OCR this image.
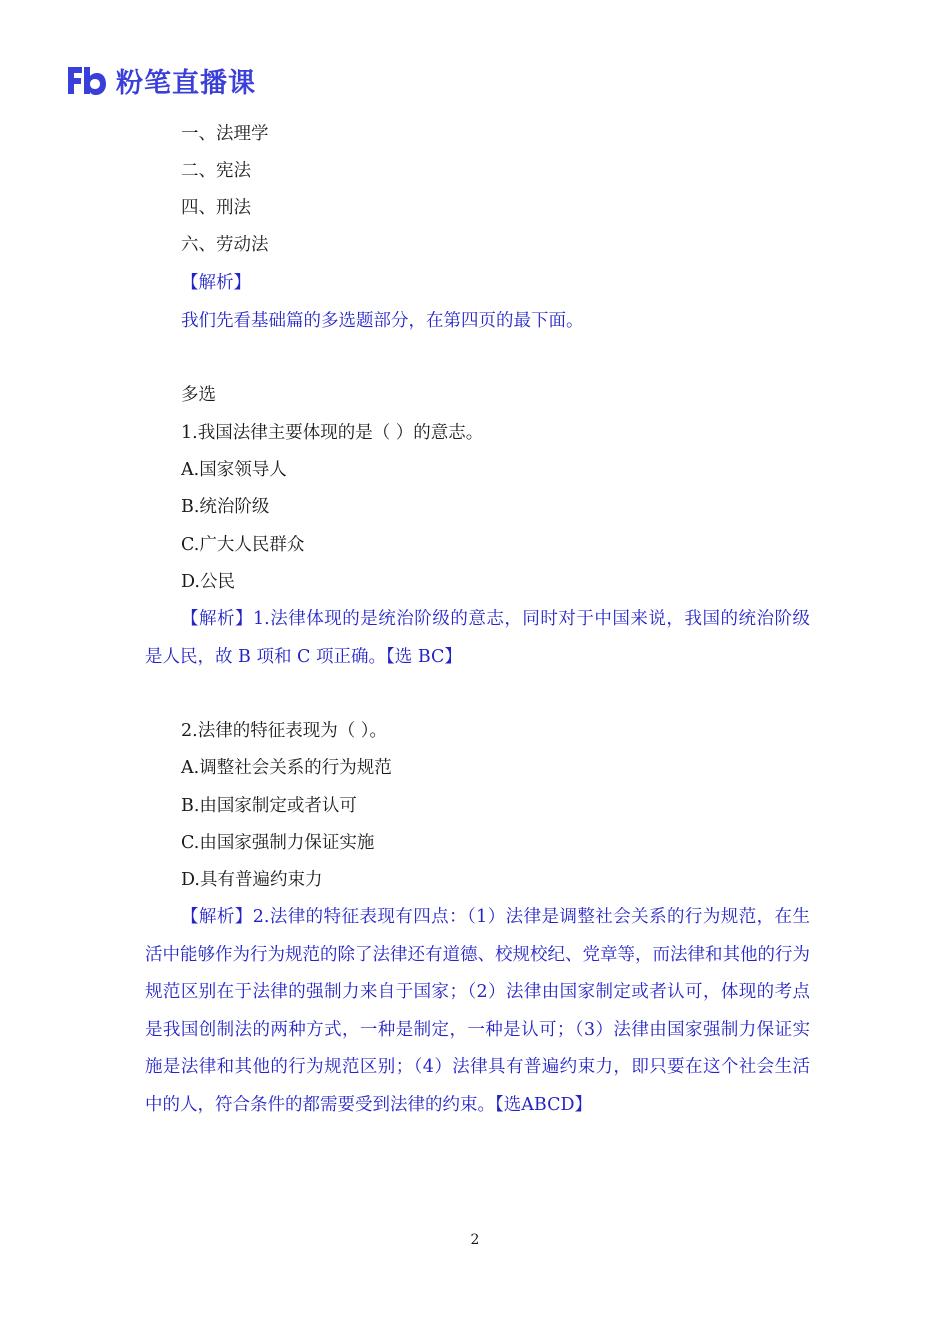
粉笔直播课
一、法理学
二、宪法
四、刑法
六、劳动法
【解析】
我们先看基础篇的多选题部分，在第四页的最下面。
多选
1.我国法律主要体现的是（ ）的意志。
A.国家领导人
B.统治阶级
C.广大人民群众
D.公民
【解析】1.法律体现的是统治阶级的意志，同时对于中国来说，我国的统治阶级是人民，故 B 项和 C 项正确。【选 BC】
2.法律的特征表现为（ ）。
A.调整社会关系的行为规范
B.由国家制定或者认可
C.由国家强制力保证实施
D.具有普遍约束力
【解析】2.法律的特征表现有四点：（1）法律是调整社会关系的行为规范，在生活中能够作为行为规范的除了法律还有道德、校规校纪、党章等，而法律和其他的行为规范区别在于法律的强制力来自于国家；（2）法律由国家制定或者认可，体现的考点是我国创制法的两种方式，一种是制定，一种是认可；（3）法律由国家强制力保证实施是法律和其他的行为规范区别；（4）法律具有普遍约束力，即只要在这个社会生活中的人，符合条件的都需要受到法律的约束。【选ABCD】
2
